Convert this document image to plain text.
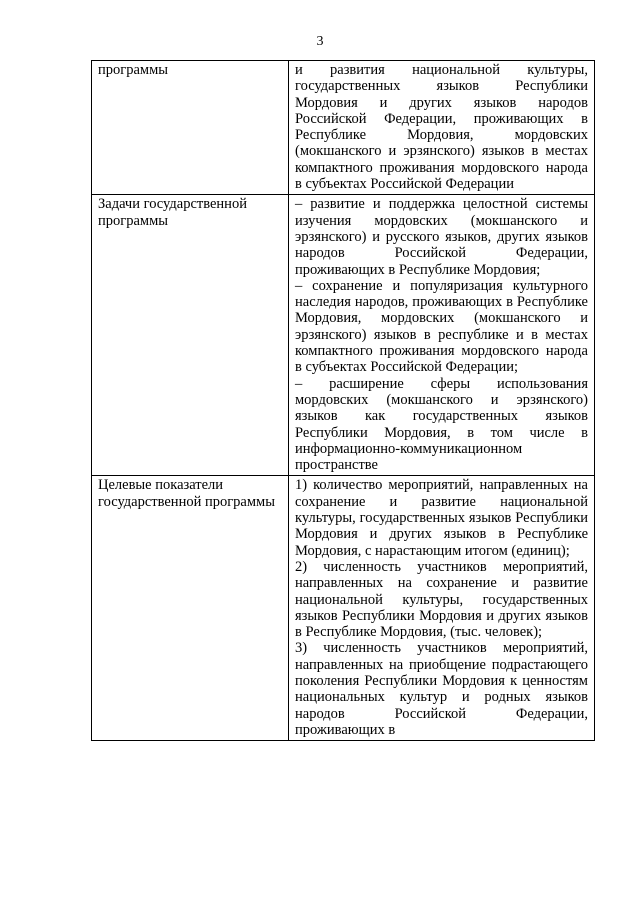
3
программы	и развития национальной культуры, государственных языков Республики Мордовия и других языков народов Российской Федерации, проживающих в Республике Мордовия, мордовских (мокшанского и эрзянского) языков в местах компактного проживания мордовского народа в субъектах Российской Федерации

Задачи государственной программы	– развитие и поддержка целостной системы изучения мордовских (мокшанского и эрзянского) и русского языков, других языков народов Российской Федерации, проживающих в Республике Мордовия;
– сохранение и популяризация культурного наследия народов, проживающих в Республике Мордовия, мордовских (мокшанского и эрзянского) языков в республике и в местах компактного проживания мордовского народа в субъектах Российской Федерации;
– расширение сферы использования мордовских (мокшанского и эрзянского) языков как государственных языков Республики Мордовия, в том числе в информационно-коммуникационном пространстве

Целевые показатели государственной программы	1) количество мероприятий, направленных на сохранение и развитие национальной культуры, государственных языков Республики Мордовия и других языков в Республике Мордовия, с нарастающим итогом (единиц);
2) численность участников мероприятий, направленных на сохранение и развитие национальной культуры, государственных языков Республики Мордовия и других языков в Республике Мордовия, (тыс. человек);
3) численность участников мероприятий, направленных на приобщение подрастающего поколения Республики Мордовия к ценностям национальных культур и родных языков народов Российской Федерации, проживающих в
